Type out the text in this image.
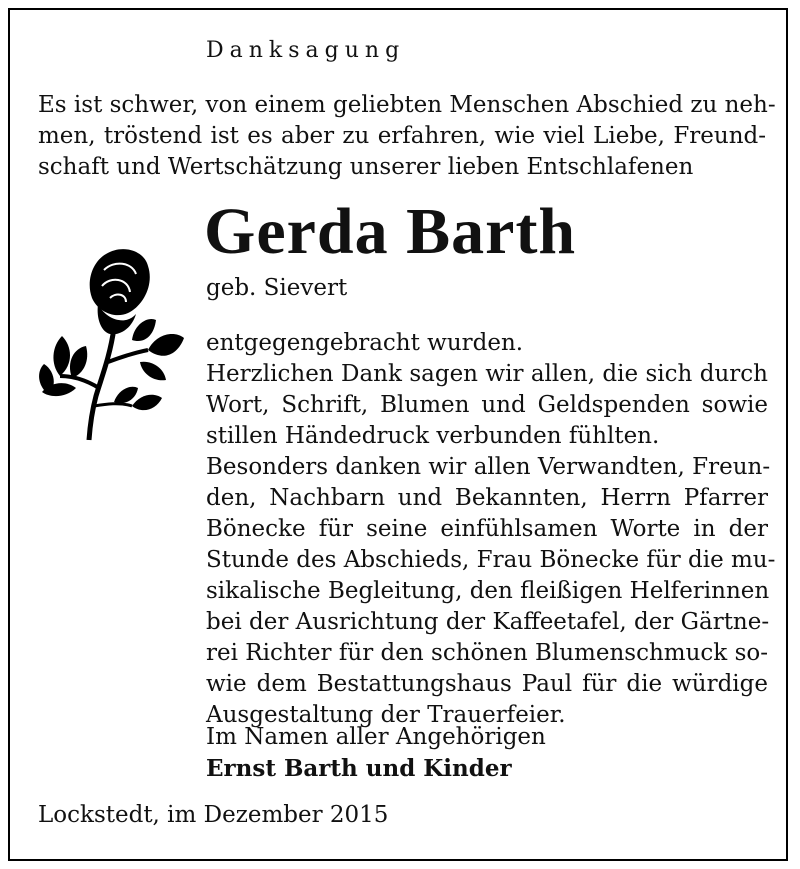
Danksagung
Es ist schwer, von einem geliebten Menschen Abschied zu neh-
men, tröstend ist es aber zu erfahren, wie viel Liebe, Freund-
schaft und Wertschätzung unserer lieben Entschlafenen
Gerda Barth
geb. Sievert
entgegengebracht wurden.
Herzlichen Dank sagen wir allen, die sich durch
Wort, Schrift, Blumen und Geldspenden sowie
stillen Händedruck verbunden fühlten.
Besonders danken wir allen Verwandten, Freun-
den, Nachbarn und Bekannten, Herrn Pfarrer
Bönecke für seine einfühlsamen Worte in der
Stunde des Abschieds, Frau Bönecke für die mu-
sikalische Begleitung, den fleißigen Helferinnen
bei der Ausrichtung der Kaffeetafel, der Gärtne-
rei Richter für den schönen Blumenschmuck so-
wie dem Bestattungshaus Paul für die würdige
Ausgestaltung der Trauerfeier.
Im Namen aller Angehörigen
Ernst Barth und Kinder
Lockstedt, im Dezember 2015
